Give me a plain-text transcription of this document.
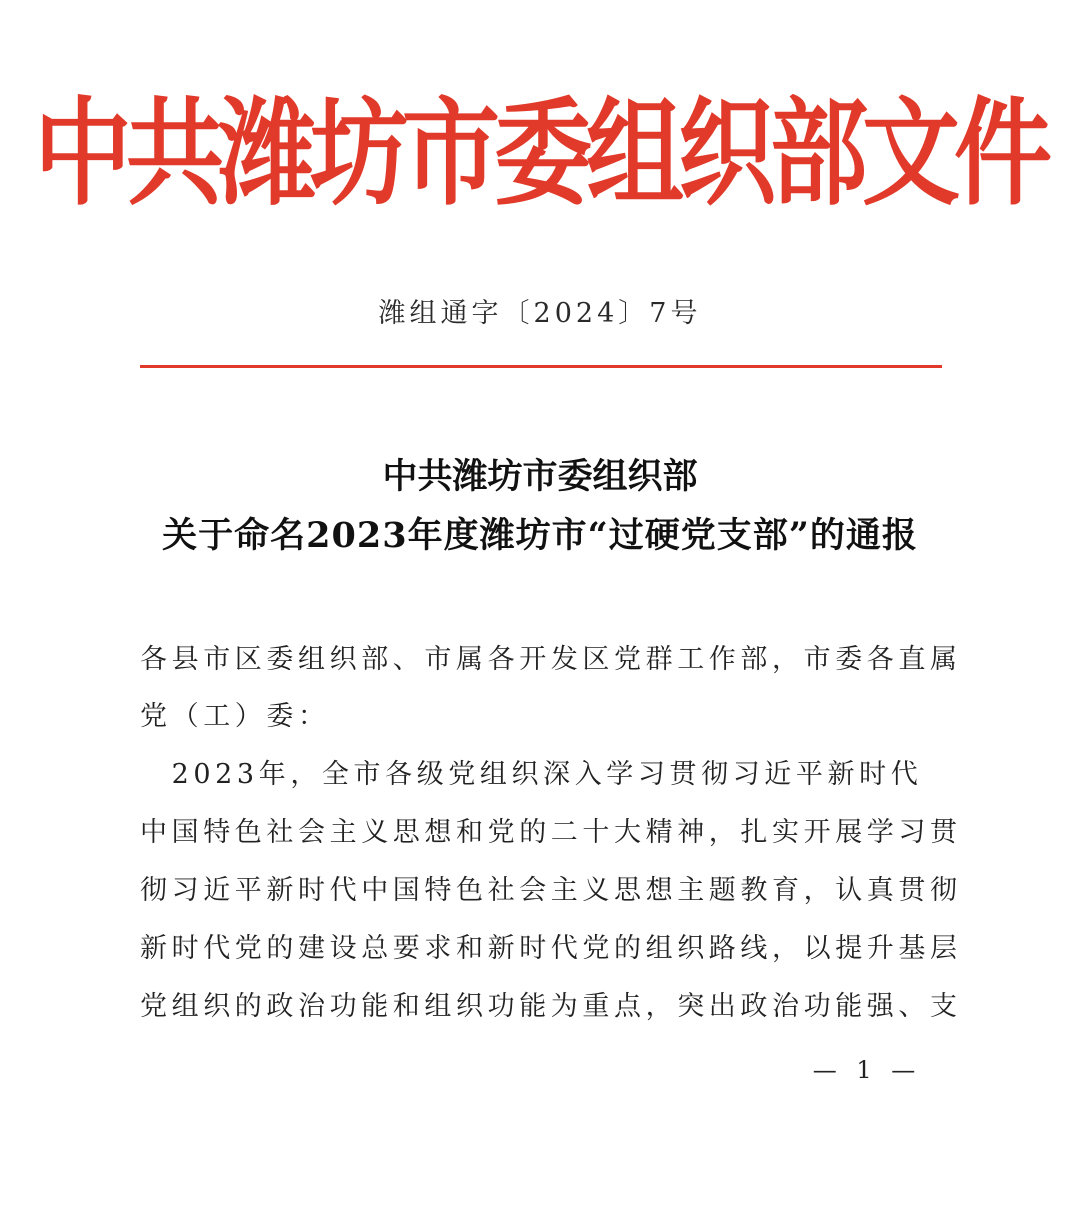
中共潍坊市委组织部文件
潍组通字〔2024〕7号
中共潍坊市委组织部
关于命名2023年度潍坊市“过硬党支部”的通报
各县市区委组织部、市属各开发区党群工作部，市委各直属
党（工）委：
　2023年，全市各级党组织深入学习贯彻习近平新时代
中国特色社会主义思想和党的二十大精神，扎实开展学习贯
彻习近平新时代中国特色社会主义思想主题教育，认真贯彻
新时代党的建设总要求和新时代党的组织路线，以提升基层
党组织的政治功能和组织功能为重点，突出政治功能强、支
— 1 —
